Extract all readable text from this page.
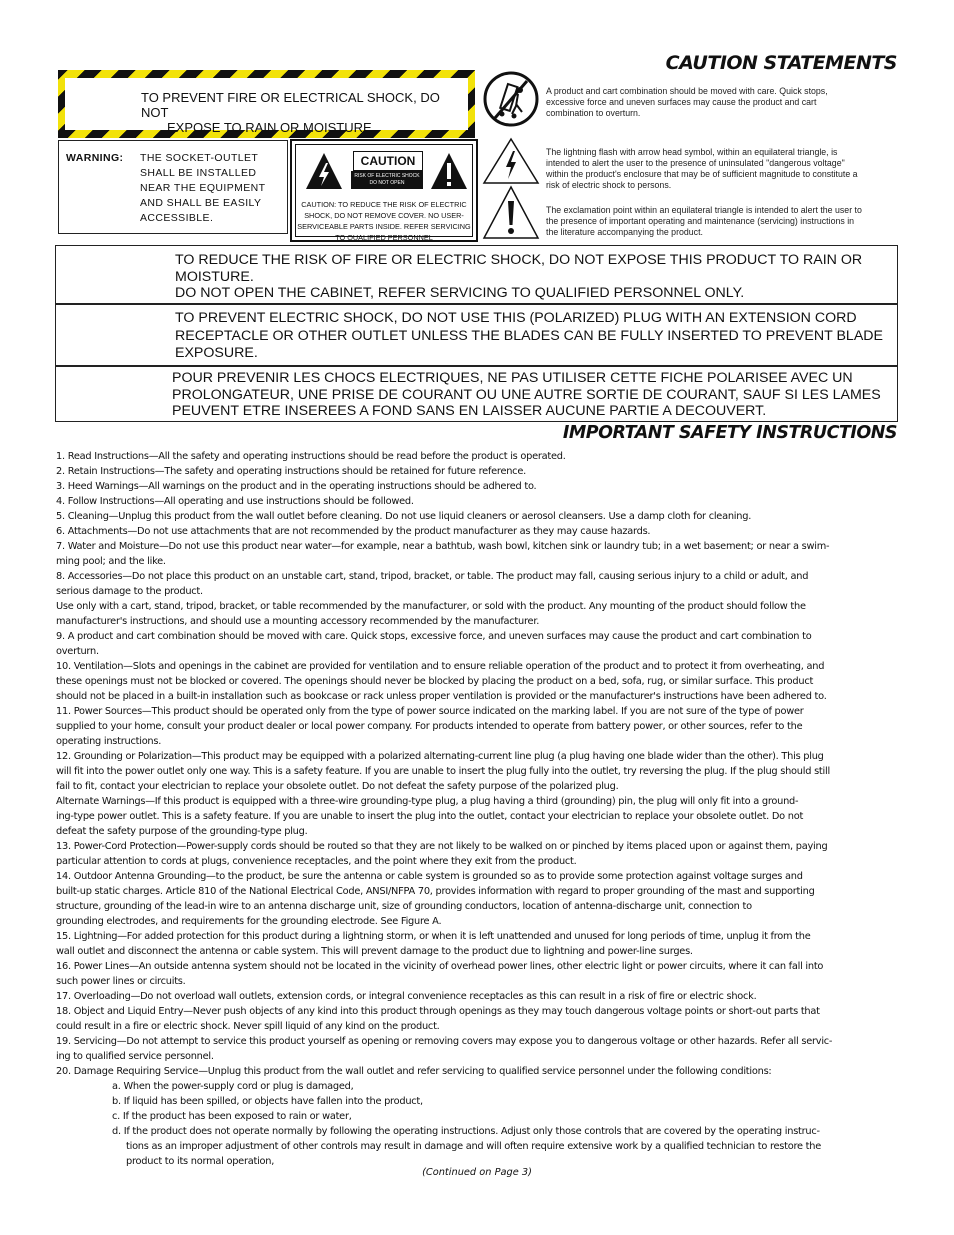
CAUTION STATEMENTS
TO PREVENT FIRE OR ELECTRICAL SHOCK, DO NOT
EXPOSE TO RAIN OR MOISTURE
WARNING: THE SOCKET-OUTLET
SHALL BE INSTALLED
NEAR THE EQUIPMENT
AND SHALL BE EASILY
ACCESSIBLE.
CAUTION
RISK OF ELECTRIC SHOCK
DO NOT OPEN
CAUTION: TO REDUCE THE RISK OF ELECTRIC
SHOCK, DO NOT REMOVE COVER. NO USER-
SERVICEABLE PARTS INSIDE. REFER SERVICING
TO QUALIFIED PERSONNEL
A product and cart combination should be moved with care. Quick stops,
excessive force and uneven surfaces may cause the product and cart
combination to overturn.
The lightning flash with arrow head symbol, within an equilateral triangle, is
intended to alert the user to the presence of uninsulated "dangerous voltage"
within the product's enclosure that may be of sufficient magnitude to constitute a
risk of electric shock to persons.
The exclamation point within an equilateral triangle is intended to alert the user to
the presence of important operating and maintenance (servicing) instructions in
the literature accompanying the product.
TO REDUCE THE RISK OF FIRE OR ELECTRIC SHOCK, DO NOT EXPOSE THIS PRODUCT TO RAIN OR
MOISTURE.
DO NOT OPEN THE CABINET, REFER SERVICING TO QUALIFIED PERSONNEL ONLY.
TO PREVENT ELECTRIC SHOCK, DO NOT USE THIS (POLARIZED) PLUG WITH AN EXTENSION CORD
RECEPTACLE OR OTHER OUTLET UNLESS THE BLADES CAN BE FULLY INSERTED TO PREVENT BLADE
EXPOSURE.
POUR PREVENIR LES CHOCS ELECTRIQUES, NE PAS UTILISER CETTE FICHE POLARISEE AVEC UN
PROLONGATEUR, UNE PRISE DE COURANT OU UNE AUTRE SORTIE DE COURANT, SAUF SI LES LAMES
PEUVENT ETRE INSEREES A FOND SANS EN LAISSER AUCUNE PARTIE A DECOUVERT.
IMPORTANT SAFETY INSTRUCTIONS
1. Read Instructions—All the safety and operating instructions should be read before the product is operated.
2. Retain Instructions—The safety and operating instructions should be retained for future reference.
3. Heed Warnings—All warnings on the product and in the operating instructions should be adhered to.
4. Follow Instructions—All operating and use instructions should be followed.
5. Cleaning—Unplug this product from the wall outlet before cleaning. Do not use liquid cleaners or aerosol cleansers. Use a damp cloth for cleaning.
6. Attachments—Do not use attachments that are not recommended by the product manufacturer as they may cause hazards.
7. Water and Moisture—Do not use this product near water—for example, near a bathtub, wash bowl, kitchen sink or laundry tub; in a wet basement; or near a swim-
ming pool; and the like.
8. Accessories—Do not place this product on an unstable cart, stand, tripod, bracket, or table. The product may fall, causing serious injury to a child or adult, and
serious damage to the product.
Use only with a cart, stand, tripod, bracket, or table recommended by the manufacturer, or sold with the product. Any mounting of the product should follow the
manufacturer's instructions, and should use a mounting accessory recommended by the manufacturer.
9. A product and cart combination should be moved with care. Quick stops, excessive force, and uneven surfaces may cause the product and cart combination to
overturn.
10. Ventilation—Slots and openings in the cabinet are provided for ventilation and to ensure reliable operation of the product and to protect it from overheating, and
these openings must not be blocked or covered. The openings should never be blocked by placing the product on a bed, sofa, rug, or similar surface. This product
should not be placed in a built-in installation such as bookcase or rack unless proper ventilation is provided or the manufacturer's instructions have been adhered to.
11. Power Sources—This product should be operated only from the type of power source indicated on the marking label. If you are not sure of the type of power
supplied to your home, consult your product dealer or local power company. For products intended to operate from battery power, or other sources, refer to the
operating instructions.
12. Grounding or Polarization—This product may be equipped with a polarized alternating-current line plug (a plug having one blade wider than the other). This plug
will fit into the power outlet only one way. This is a safety feature. If you are unable to insert the plug fully into the outlet, try reversing the plug. If the plug should still
fail to fit, contact your electrician to replace your obsolete outlet. Do not defeat the safety purpose of the polarized plug.
Alternate Warnings—If this product is equipped with a three-wire grounding-type plug, a plug having a third (grounding) pin, the plug will only fit into a ground-
ing-type power outlet. This is a safety feature. If you are unable to insert the plug into the outlet, contact your electrician to replace your obsolete outlet. Do not
defeat the safety purpose of the grounding-type plug.
13. Power-Cord Protection—Power-supply cords should be routed so that they are not likely to be walked on or pinched by items placed upon or against them, paying
particular attention to cords at plugs, convenience receptacles, and the point where they exit from the product.
14. Outdoor Antenna Grounding—to the product, be sure the antenna or cable system is grounded so as to provide some protection against voltage surges and
built-up static charges. Article 810 of the National Electrical Code, ANSI/NFPA 70, provides information with regard to proper grounding of the mast and supporting
structure, grounding of the lead-in wire to an antenna discharge unit, size of grounding conductors, location of antenna-discharge unit, connection to
grounding electrodes, and requirements for the grounding electrode. See Figure A.
15. Lightning—For added protection for this product during a lightning storm, or when it is left unattended and unused for long periods of time, unplug it from the
wall outlet and disconnect the antenna or cable system. This will prevent damage to the product due to lightning and power-line surges.
16. Power Lines—An outside antenna system should not be located in the vicinity of overhead power lines, other electric light or power circuits, where it can fall into
such power lines or circuits.
17. Overloading—Do not overload wall outlets, extension cords, or integral convenience receptacles as this can result in a risk of fire or electric shock.
18. Object and Liquid Entry—Never push objects of any kind into this product through openings as they may touch dangerous voltage points or short-out parts that
could result in a fire or electric shock. Never spill liquid of any kind on the product.
19. Servicing—Do not attempt to service this product yourself as opening or removing covers may expose you to dangerous voltage or other hazards. Refer all servic-
ing to qualified service personnel.
20. Damage Requiring Service—Unplug this product from the wall outlet and refer servicing to qualified service personnel under the following conditions:
a. When the power-supply cord or plug is damaged,
b. If liquid has been spilled, or objects have fallen into the product,
c. If the product has been exposed to rain or water,
d. If the product does not operate normally by following the operating instructions. Adjust only those controls that are covered by the operating instruc-
tions as an improper adjustment of other controls may result in damage and will often require extensive work by a qualified technician to restore the
product to its normal operation,
(Continued on Page 3)
